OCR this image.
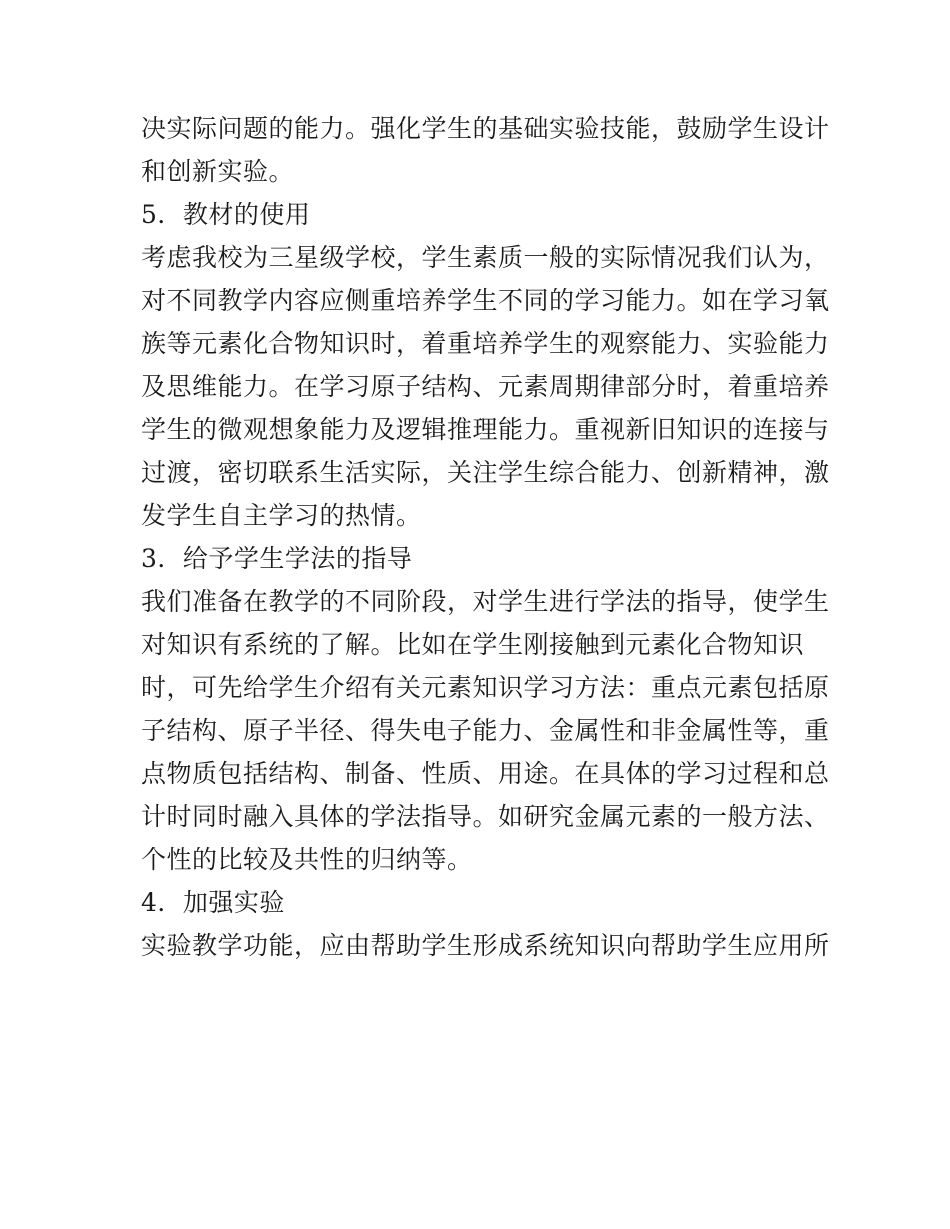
决实际问题的能力。强化学生的基础实验技能，鼓励学生设计
和创新实验。
5．教材的使用
考虑我校为三星级学校，学生素质一般的实际情况我们认为，
对不同教学内容应侧重培养学生不同的学习能力。如在学习氧
族等元素化合物知识时，着重培养学生的观察能力、实验能力
及思维能力。在学习原子结构、元素周期律部分时，着重培养
学生的微观想象能力及逻辑推理能力。重视新旧知识的连接与
过渡，密切联系生活实际，关注学生综合能力、创新精神，激
发学生自主学习的热情。
3．给予学生学法的指导
我们准备在教学的不同阶段，对学生进行学法的指导，使学生
对知识有系统的了解。比如在学生刚接触到元素化合物知识
时，可先给学生介绍有关元素知识学习方法：重点元素包括原
子结构、原子半径、得失电子能力、金属性和非金属性等，重
点物质包括结构、制备、性质、用途。在具体的学习过程和总
计时同时融入具体的学法指导。如研究金属元素的一般方法、
个性的比较及共性的归纳等。
4．加强实验
实验教学功能，应由帮助学生形成系统知识向帮助学生应用所
